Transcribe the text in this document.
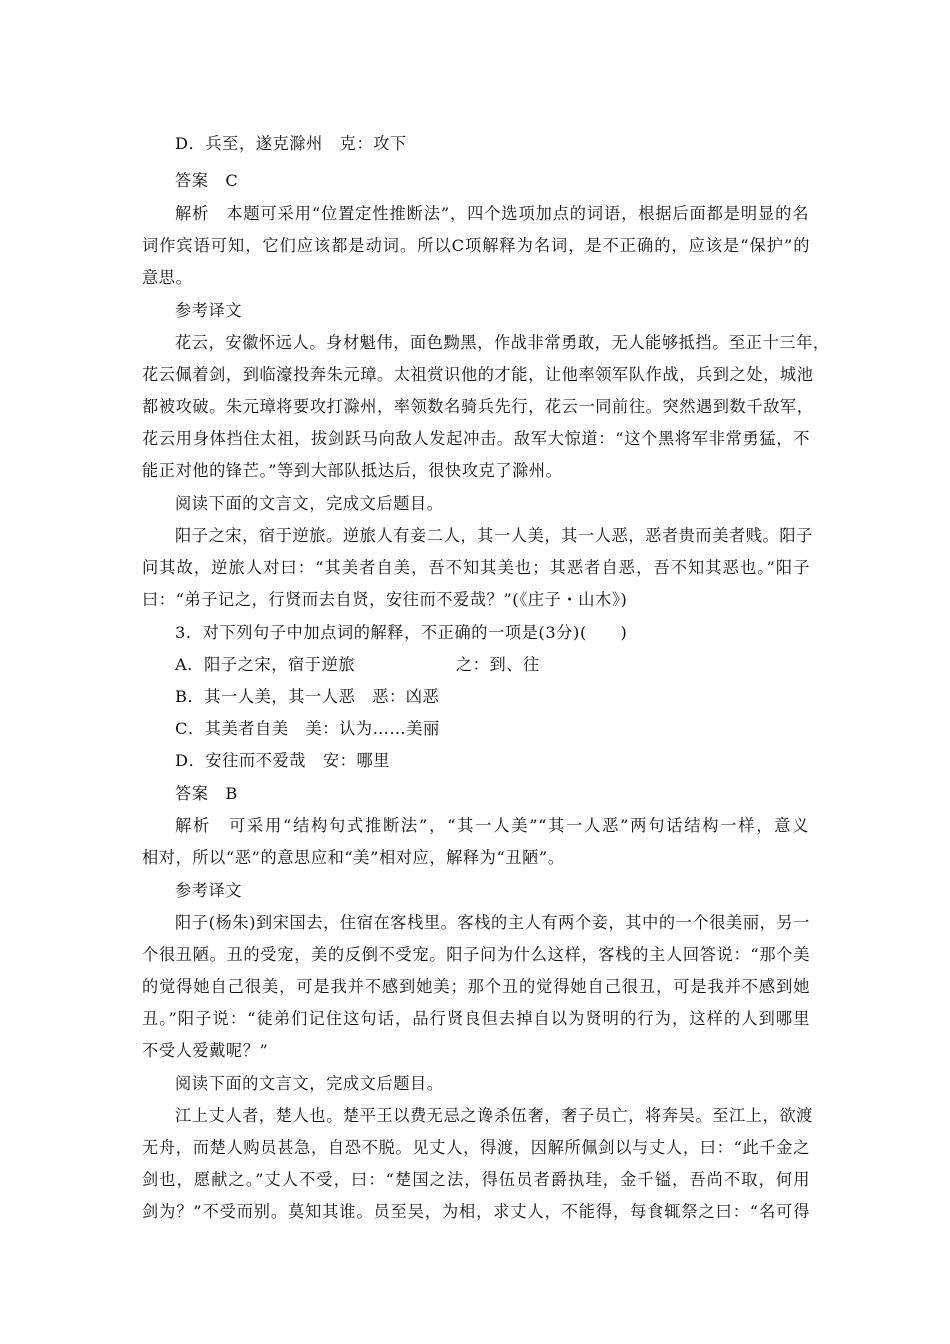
D．兵至，遂克滁州　克：攻下
答案　C
解析　本题可采用“位置定性推断法”，四个选项加点的词语，根据后面都是明显的名
词作宾语可知，它们应该都是动词。所以C项解释为名词，是不正确的，应该是“保护”的
意思。
参考译文
花云，安徽怀远人。身材魁伟，面色黝黑，作战非常勇敢，无人能够抵挡。至正十三年，
花云佩着剑，到临濠投奔朱元璋。太祖赏识他的才能，让他率领军队作战，兵到之处，城池
都被攻破。朱元璋将要攻打滁州，率领数名骑兵先行，花云一同前往。突然遇到数千敌军，
花云用身体挡住太祖，拔剑跃马向敌人发起冲击。敌军大惊道：“这个黑将军非常勇猛，不
能正对他的锋芒。”等到大部队抵达后，很快攻克了滁州。
阅读下面的文言文，完成文后题目。
阳子之宋，宿于逆旅。逆旅人有妾二人，其一人美，其一人恶，恶者贵而美者贱。阳子
问其故，逆旅人对曰：“其美者自美，吾不知其美也；其恶者自恶，吾不知其恶也。”阳子
曰：“弟子记之，行贤而去自贤，安往而不爱哉？”(《庄子・山木》)
3．对下列句子中加点词的解释，不正确的一项是(3分)(　　)
A．阳子之宋，宿于逆旅　　　　　　之：到、往
B．其一人美，其一人恶　恶：凶恶
C．其美者自美　美：认为……美丽
D．安往而不爱哉　安：哪里
答案　B
解析　可采用“结构句式推断法”，“其一人美”“其一人恶”两句话结构一样，意义
相对，所以“恶”的意思应和“美”相对应，解释为“丑陋”。
参考译文
阳子(杨朱)到宋国去，住宿在客栈里。客栈的主人有两个妾，其中的一个很美丽，另一
个很丑陋。丑的受宠，美的反倒不受宠。阳子问为什么这样，客栈的主人回答说：“那个美
的觉得她自己很美，可是我并不感到她美；那个丑的觉得她自己很丑，可是我并不感到她
丑。”阳子说：“徒弟们记住这句话，品行贤良但去掉自以为贤明的行为，这样的人到哪里
不受人爱戴呢？”
阅读下面的文言文，完成文后题目。
江上丈人者，楚人也。楚平王以费无忌之谗杀伍奢，奢子员亡，将奔吴。至江上，欲渡
无舟，而楚人购员甚急，自恐不脱。见丈人，得渡，因解所佩剑以与丈人，曰：“此千金之
剑也，愿献之。”丈人不受，曰：“楚国之法，得伍员者爵执珪，金千镒，吾尚不取，何用
剑为？”不受而别。莫知其谁。员至吴，为相，求丈人，不能得，每食辄祭之曰：“名可得
